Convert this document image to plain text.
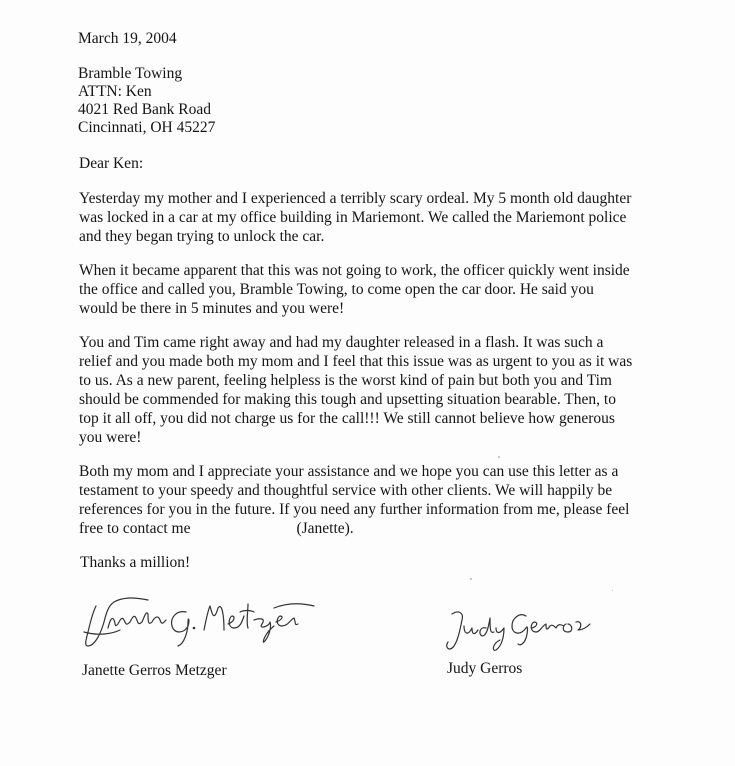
March 19, 2004
Bramble Towing
ATTN: Ken
4021 Red Bank Road
Cincinnati, OH 45227
Dear Ken:
Yesterday my mother and I experienced a terribly scary ordeal. My 5 month old daughter
was locked in a car at my office building in Mariemont. We called the Mariemont police
and they began trying to unlock the car.
When it became apparent that this was not going to work, the officer quickly went inside
the office and called you, Bramble Towing, to come open the car door. He said you
would be there in 5 minutes and you were!
You and Tim came right away and had my daughter released in a flash. It was such a
relief and you made both my mom and I feel that this issue was as urgent to you as it was
to us. As a new parent, feeling helpless is the worst kind of pain but both you and Tim
should be commended for making this tough and upsetting situation bearable. Then, to
top it all off, you did not charge us for the call!!! We still cannot believe how generous
you were!
Both my mom and I appreciate your assistance and we hope you can use this letter as a
testament to your speedy and thoughtful service with other clients. We will happily be
references for you in the future. If you need any further information from me, please feel
free to contact me	(Janette).
Thanks a million!
Janette Gerros Metzger	Judy Gerros
